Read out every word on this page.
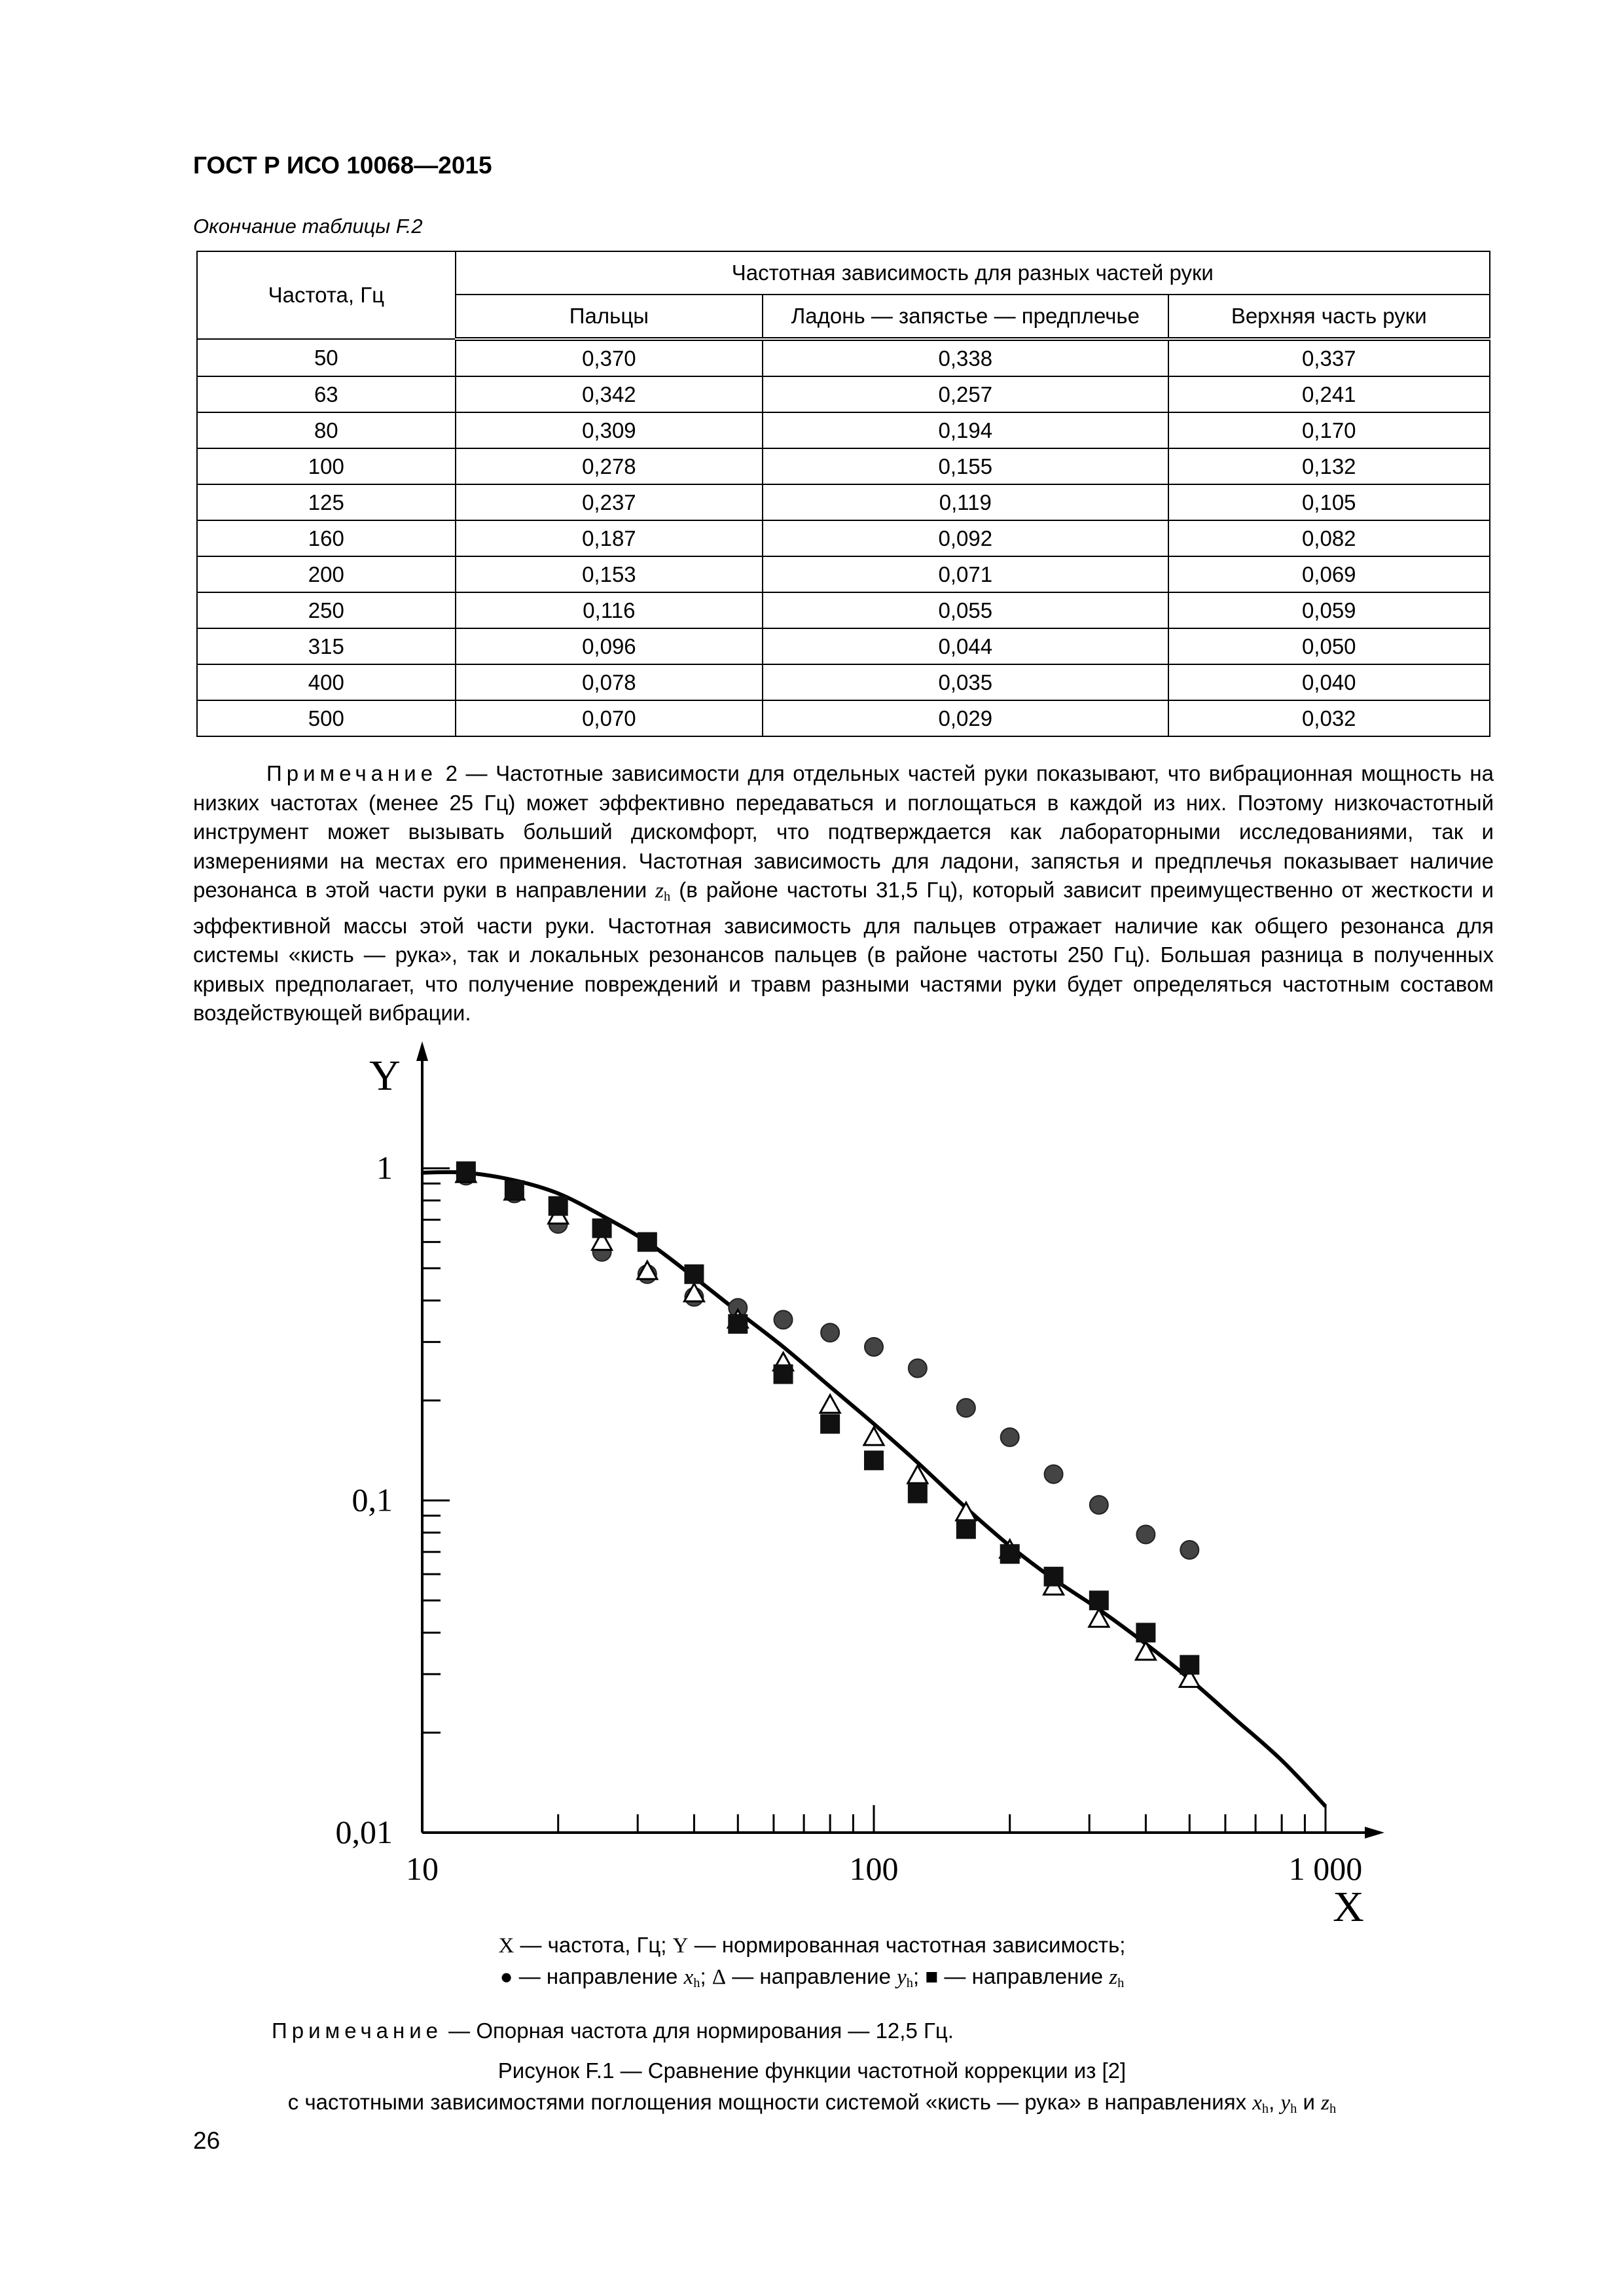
ГОСТ Р ИСО 10068—2015
Окончание таблицы F.2
Частота, Гц	Частотная зависимость для разных частей руки		
	Пальцы	Ладонь — запястье — предплечье	Верхняя часть руки
50	0,370	0,338	0,337
63	0,342	0,257	0,241
80	0,309	0,194	0,170
100	0,278	0,155	0,132
125	0,237	0,119	0,105
160	0,187	0,092	0,082
200	0,153	0,071	0,069
250	0,116	0,055	0,059
315	0,096	0,044	0,050
400	0,078	0,035	0,040
500	0,070	0,029	0,032

Примечание 2 — Частотные зависимости для отдельных частей руки показывают, что вибрационная мощность на низких частотах (менее 25 Гц) может эффективно передаваться и поглощаться в каждой из них. Поэтому низкочастотный инструмент может вызывать больший дискомфорт, что подтверждается как лабораторными исследованиями, так и измерениями на местах его применения. Частотная зависимость для ладони, запястья и предплечья показывает наличие резонанса в этой части руки в направлении $z_h$ (в районе частоты 31,5 Гц), который зависит преимущественно от жесткости и эффективной массы этой части руки. Частотная зависимость для пальцев отражает наличие как общего резонанса для системы «кисть — рука», так и локальных резонансов пальцев (в районе частоты 250 Гц). Большая разница в полученных кривых предполагает, что получение повреждений и травм разными частями руки будет определяться частотным составом воздействующей вибрации.

10	100	1 000
1
0,1
0,01
Y
X
X — частота, Гц; Y — нормированная частотная зависимость;
● — направление $x_h$; Δ — направление $y_h$; ■ — направление $z_h$
Примечание — Опорная частота для нормирования — 12,5 Гц.
Рисунок F.1 — Сравнение функции частотной коррекции из [2]
с частотными зависимостями поглощения мощности системой «кисть — рука» в направлениях $x_h$, $y_h$ и $z_h$
26
